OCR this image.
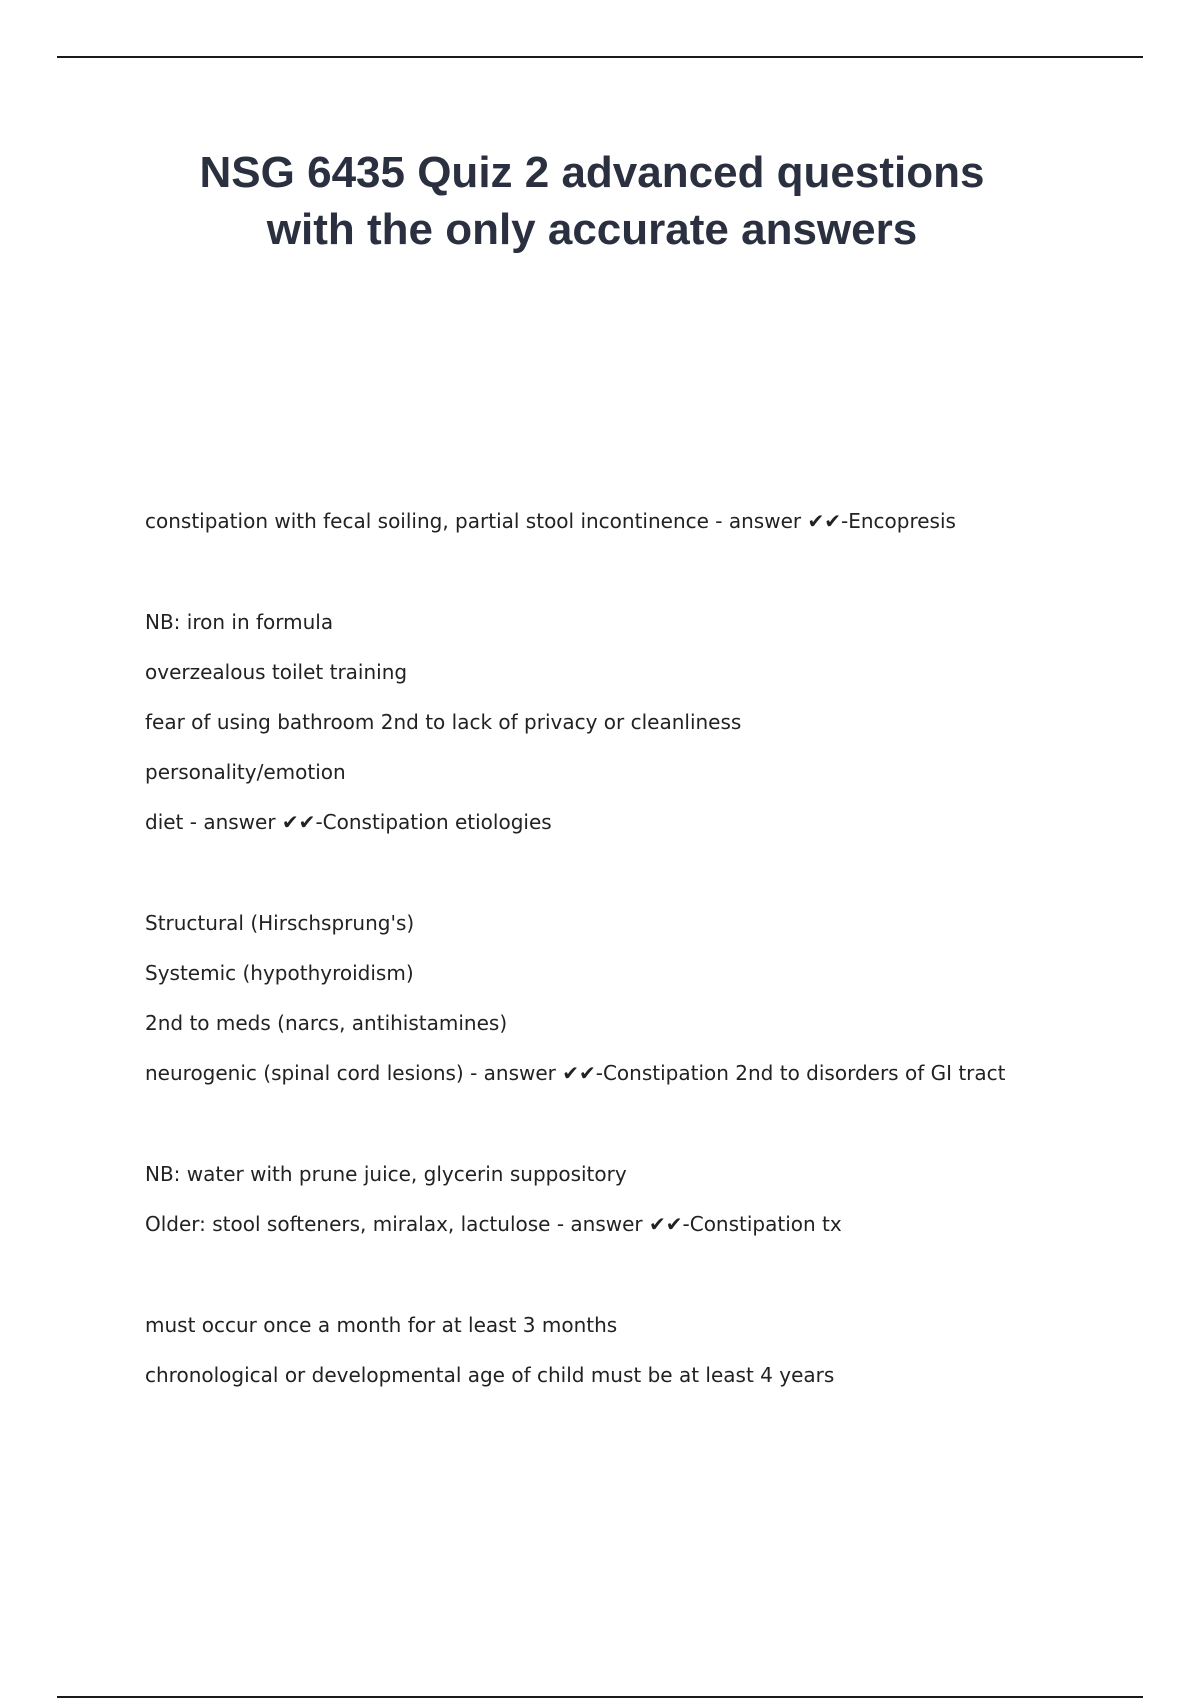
NSG 6435 Quiz 2 advanced questions
with the only accurate answers
constipation with fecal soiling, partial stool incontinence - answer ✔✔-Encopresis
NB: iron in formula
overzealous toilet training
fear of using bathroom 2nd to lack of privacy or cleanliness
personality/emotion
diet - answer ✔✔-Constipation etiologies
Structural (Hirschsprung's)
Systemic (hypothyroidism)
2nd to meds (narcs, antihistamines)
neurogenic (spinal cord lesions) - answer ✔✔-Constipation 2nd to disorders of GI tract
NB: water with prune juice, glycerin suppository
Older: stool softeners, miralax, lactulose - answer ✔✔-Constipation tx
must occur once a month for at least 3 months
chronological or developmental age of child must be at least 4 years
